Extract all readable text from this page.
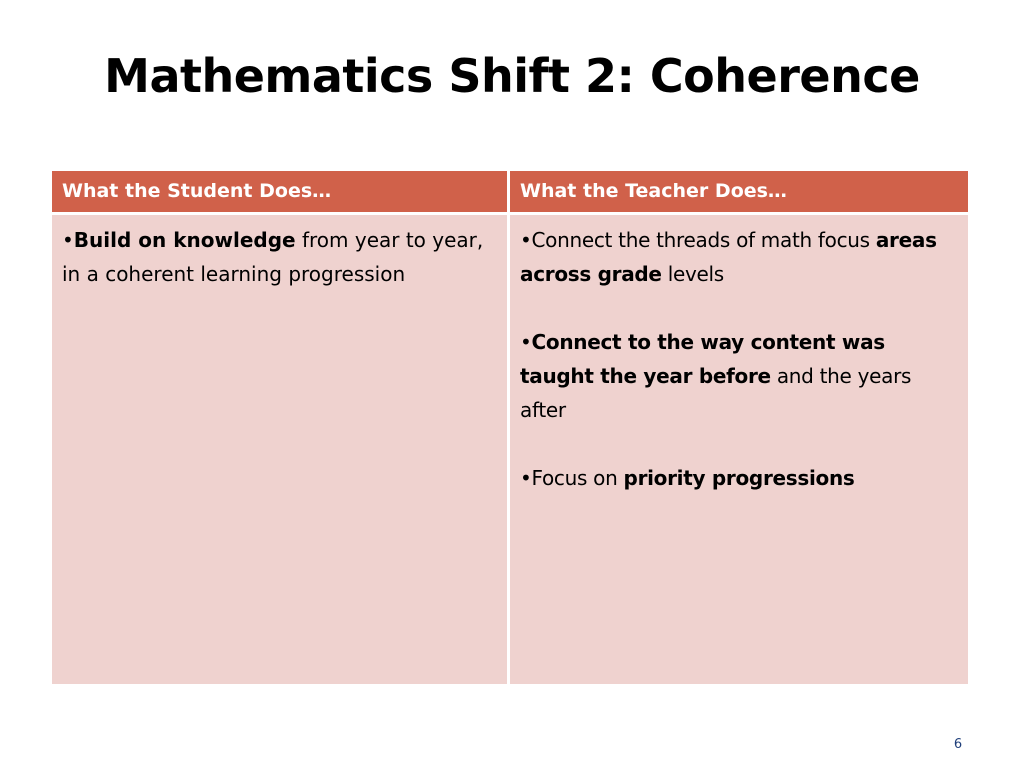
Mathematics Shift 2: Coherence
What the Student Does…	What the Teacher Does…

•Build on knowledge from year to year, in a coherent learning progression

•Connect the threads of math focus areas across grade levels

•Connect to the way content was taught the year before and the years after

•Focus on priority progressions

6
